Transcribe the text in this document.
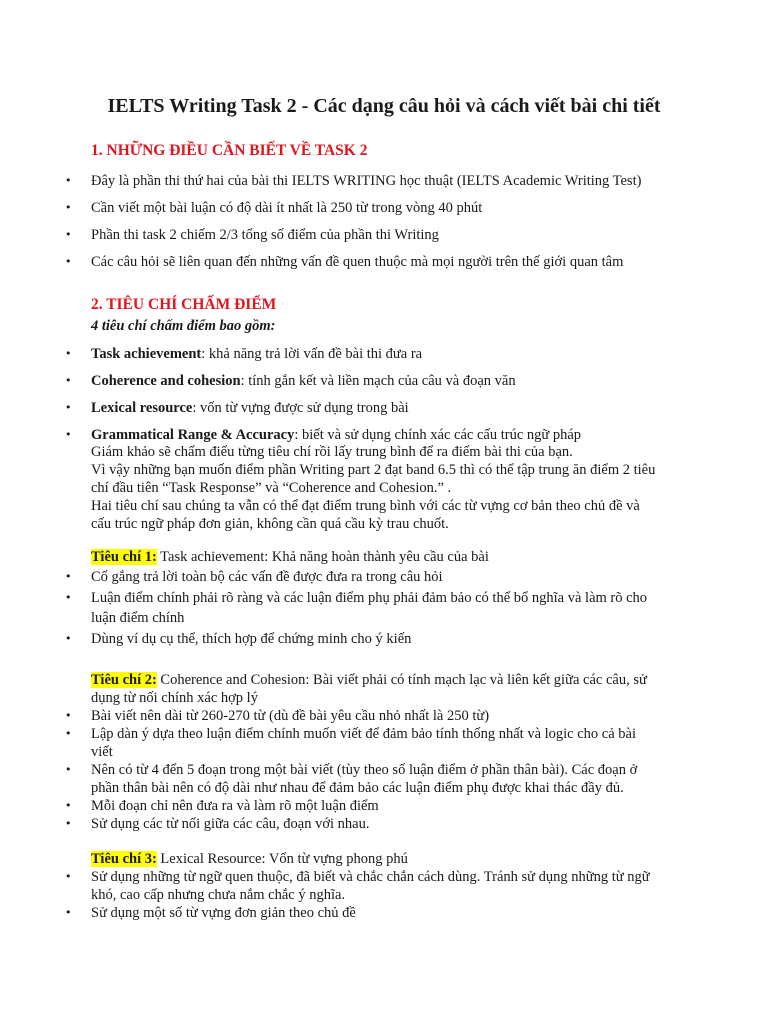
IELTS Writing Task 2 - Các dạng câu hỏi và cách viết bài chi tiết
1. NHỮNG ĐIỀU CẦN BIẾT VỀ TASK 2
• Đây là phần thi thứ hai của bài thi IELTS WRITING học thuật (IELTS Academic Writing Test)
• Cần viết một bài luận có độ dài ít nhất là 250 từ trong vòng 40 phút
• Phần thi task 2 chiếm 2/3 tổng số điểm của phần thi Writing
• Các câu hỏi sẽ liên quan đến những vấn đề quen thuộc mà mọi người trên thế giới quan tâm
2. TIÊU CHÍ CHẤM ĐIỂM

4 tiêu chí chấm điểm bao gồm:

• Task achievement: khả năng trả lời vấn đề bài thi đưa ra
• Coherence and cohesion: tính gắn kết và liền mạch của câu và đoạn văn
• Lexical resource: vốn từ vựng được sử dụng trong bài
• Grammatical Range & Accuracy: biết và sử dụng chính xác các cấu trúc ngữ pháp

Giám khảo sẽ chấm điểu từng tiêu chí rồi lấy trung bình để ra điểm bài thi của bạn.

Vì vậy những bạn muốn điểm phần Writing part 2 đạt band 6.5 thì có thể tập trung ăn điểm 2 tiêu

chí đầu tiên “Task Response” và “Coherence and Cohesion.” .

Hai tiêu chí sau chúng ta vẫn có thể đạt điểm trung bình với các từ vựng cơ bản theo chủ đề và

cấu trúc ngữ pháp đơn giản, không cần quá cầu kỳ trau chuốt.

Tiêu chí 1: Task achievement: Khả năng hoàn thành yêu cầu của bài

• Cố gắng trả lời toàn bộ các vấn đề được đưa ra trong câu hỏi
• Luận điểm chính phải rõ ràng và các luận điểm phụ phải đảm bảo có thể bổ nghĩa và làm rõ cho
luận điểm chính
• Dùng ví dụ cụ thể, thích hợp để chứng minh cho ý kiến

Tiêu chí 2: Coherence and Cohesion: Bài viết phải có tính mạch lạc và liên kết giữa các câu, sử

dụng từ nối chính xác hợp lý

• Bài viết nên dài từ 260-270 từ (dù đề bài yêu cầu nhỏ nhất là 250 từ)
• Lập dàn ý dựa theo luận điểm chính muốn viết để đảm bảo tính thống nhất và logic cho cả bài
viết
• Nên có từ 4 đến 5 đoạn trong một bài viết (tùy theo số luận điểm ở phần thân bài). Các đoạn ở
phần thân bài nên có độ dài như nhau để đảm bảo các luận điểm phụ được khai thác đầy đủ.
• Mỗi đoạn chỉ nên đưa ra và làm rõ một luận điểm
• Sử dụng các từ nối giữa các câu, đoạn với nhau.

Tiêu chí 3: Lexical Resource: Vốn từ vựng phong phú

• Sử dụng những từ ngữ quen thuộc, đã biết và chắc chắn cách dùng. Tránh sử dụng những từ ngữ
khó, cao cấp nhưng chưa nắm chắc ý nghĩa.
• Sử dụng một số từ vựng đơn giản theo chủ đề
